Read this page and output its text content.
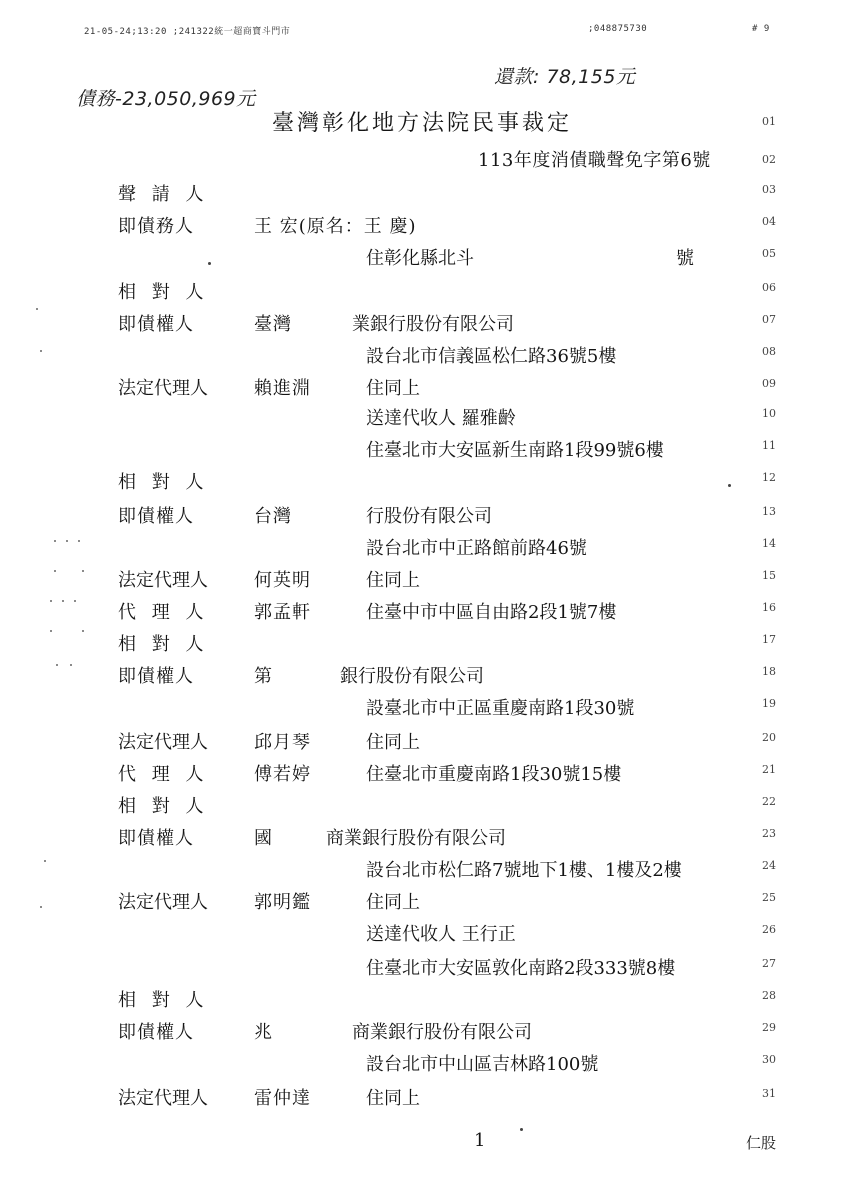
21-05-24;13:20 ;241322統一超商寶斗門市	;048875730	# 9
還款: 78,155元
債務-23,050,969元
臺灣彰化地方法院民事裁定
113年度消債職聲免字第6號
01
02
聲 請 人	03
即債務人	王 宏(原名：王 慶)	04
住彰化縣北斗	號	05
相 對 人	06
即債權人	臺灣	業銀行股份有限公司	07
設台北市信義區松仁路36號5樓	08
法定代理人	賴進淵	住同上	09
送達代收人 羅雅齡	10
住臺北市大安區新生南路1段99號6樓	11
相 對 人	12
即債權人	台灣	行股份有限公司	13
設台北市中正路館前路46號	14
法定代理人	何英明	住同上	15
代 理 人	郭孟軒	住臺中市中區自由路2段1號7樓	16
相 對 人	17
即債權人	第	銀行股份有限公司	18
設臺北市中正區重慶南路1段30號	19
法定代理人	邱月琴	住同上	20
代 理 人	傅若婷	住臺北市重慶南路1段30號15樓	21
相 對 人	22
即債權人	國	商業銀行股份有限公司	23
設台北市松仁路7號地下1樓、1樓及2樓	24
法定代理人	郭明鑑	住同上	25
送達代收人 王行正	26
住臺北市大安區敦化南路2段333號8樓	27
相 對 人	28
即債權人	兆	商業銀行股份有限公司	29
設台北市中山區吉林路100號	30
法定代理人	雷仲達	住同上	31
1	仁股
